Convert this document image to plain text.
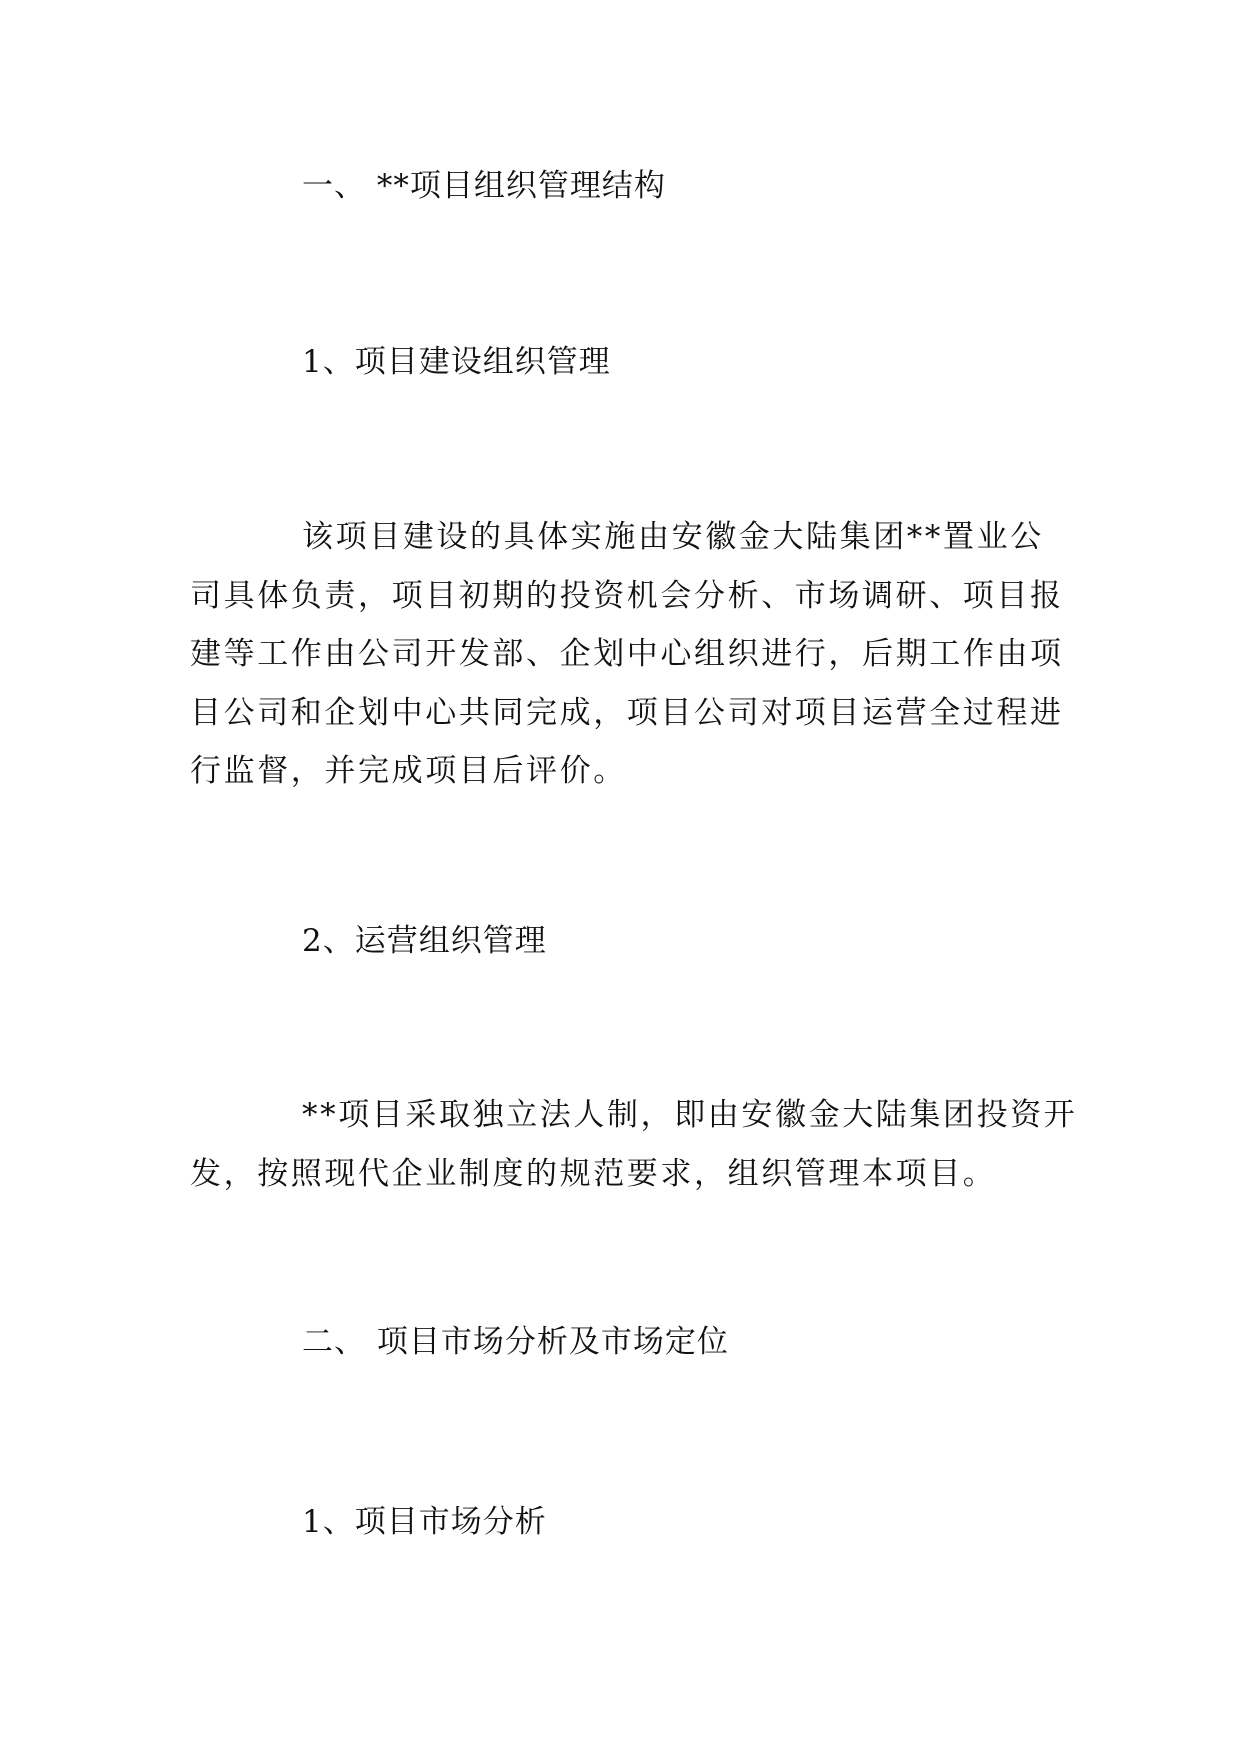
一、 **项目组织管理结构
1、项目建设组织管理
该项目建设的具体实施由安徽金大陆集团**置业公
司具体负责，项目初期的投资机会分析、市场调研、项目报
建等工作由公司开发部、企划中心组织进行，后期工作由项
目公司和企划中心共同完成，项目公司对项目运营全过程进
行监督，并完成项目后评价。
2、运营组织管理
**项目采取独立法人制，即由安徽金大陆集团投资开
发，按照现代企业制度的规范要求，组织管理本项目。
二、 项目市场分析及市场定位
1、项目市场分析
